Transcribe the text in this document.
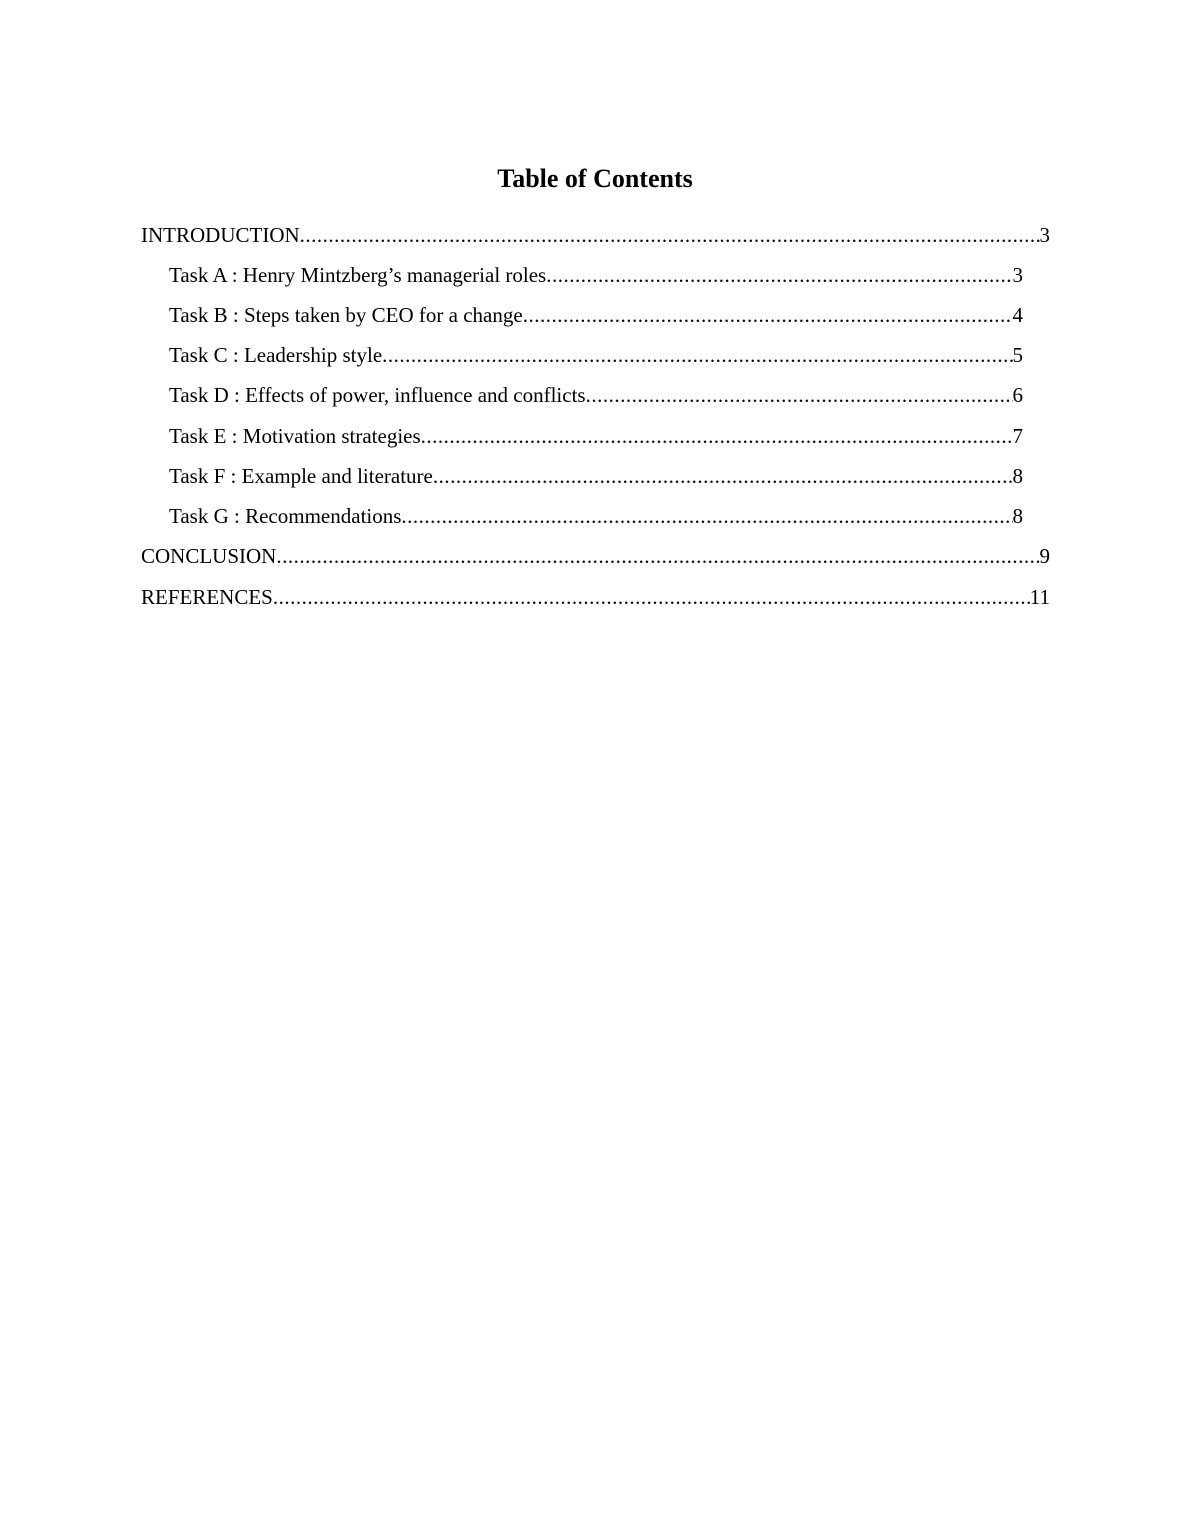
Table of Contents
INTRODUCTION .....	3
Task A : Henry Mintzberg’s managerial roles .....	3
Task B : Steps taken by CEO for a change .....	4
Task C : Leadership style .....	5
Task D : Effects of power, influence and conflicts .....	6
Task E : Motivation strategies .....	7
Task F : Example and literature .....	8
Task G : Recommendations .....	8
CONCLUSION .....	9
REFERENCES .....	11
